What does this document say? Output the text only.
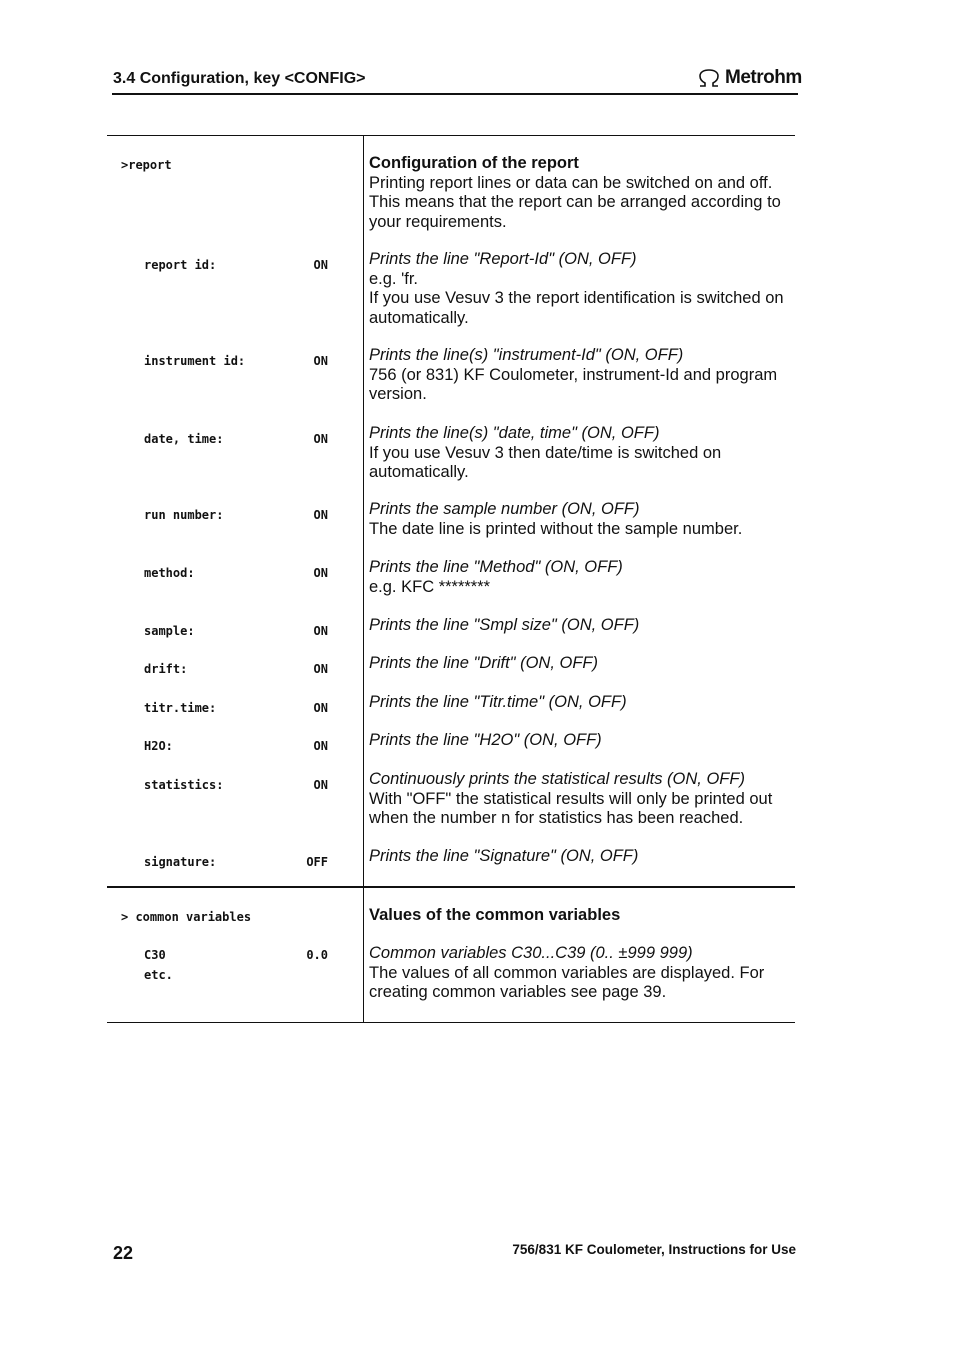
3.4 Configuration, key <CONFIG>	Metrohm
>report	Configuration of the report
Printing report lines or data can be switched on and off. This means that the report can be arranged according to your requirements.
report id:	ON Prints the line "Report-Id" (ON, OFF)
e.g. 'fr.
If you use Vesuv 3 the report identification is switched on automatically.
instrument id:	ON Prints the line(s) "instrument-Id" (ON, OFF)
756 (or 831) KF Coulometer, instrument-Id and program version.
date, time:	ON Prints the line(s) "date, time" (ON, OFF)
If you use Vesuv 3 then date/time is switched on automatically.
run number:	ON Prints the sample number (ON, OFF)
The date line is printed without the sample number.
method:	ON Prints the line "Method" (ON, OFF)
e.g. KFC ********
sample:	ON Prints the line "Smpl size" (ON, OFF)
drift:	ON Prints the line "Drift" (ON, OFF)
titr.time:	ON Prints the line "Titr.time" (ON, OFF)
H2O:	ON Prints the line "H2O" (ON, OFF)
statistics:	ON Continuously prints the statistical results (ON, OFF)
With "OFF" the statistical results will only be printed out when the number n for statistics has been reached.
signature:	OFF Prints the line "Signature" (ON, OFF)
> common variables	Values of the common variables
C30	0.0
etc.
Common variables C30...C39 (0.. ±999 999)
The values of all common variables are displayed. For creating common variables see page 39.
22	756/831 KF Coulometer, Instructions for Use
